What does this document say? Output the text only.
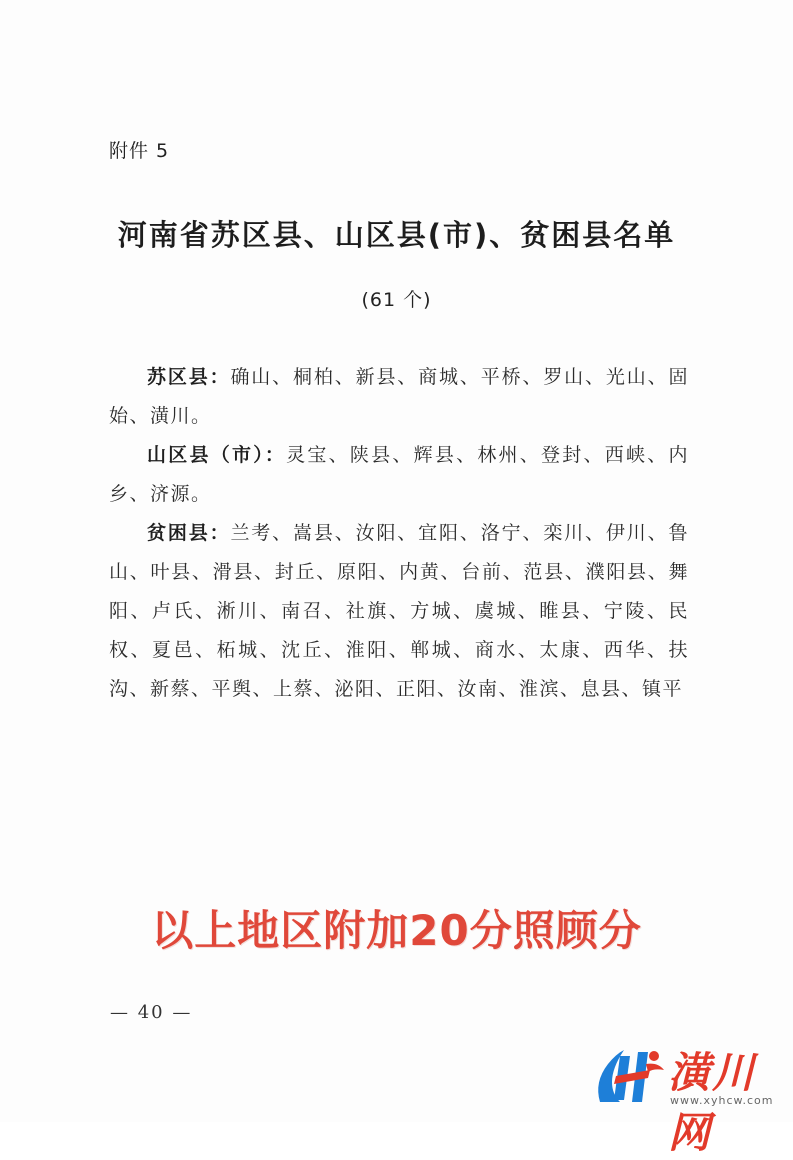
附件 5
河南省苏区县、山区县(市)、贫困县名单
(61 个)

苏区县：确山、桐柏、新县、商城、平桥、罗山、光山、固始、潢川。

山区县（市）：灵宝、陕县、辉县、林州、登封、西峡、内乡、济源。

贫困县：兰考、嵩县、汝阳、宜阳、洛宁、栾川、伊川、鲁山、叶县、滑县、封丘、原阳、内黄、台前、范县、濮阳县、舞阳、卢氏、淅川、南召、社旗、方城、虞城、睢县、宁陵、民权、夏邑、柘城、沈丘、淮阳、郸城、商水、太康、西华、扶沟、新蔡、平舆、上蔡、泌阳、正阳、汝南、淮滨、息县、镇平

以上地区附加20分照顾分
— 40 —
潢川网
www.xyhcw.com
